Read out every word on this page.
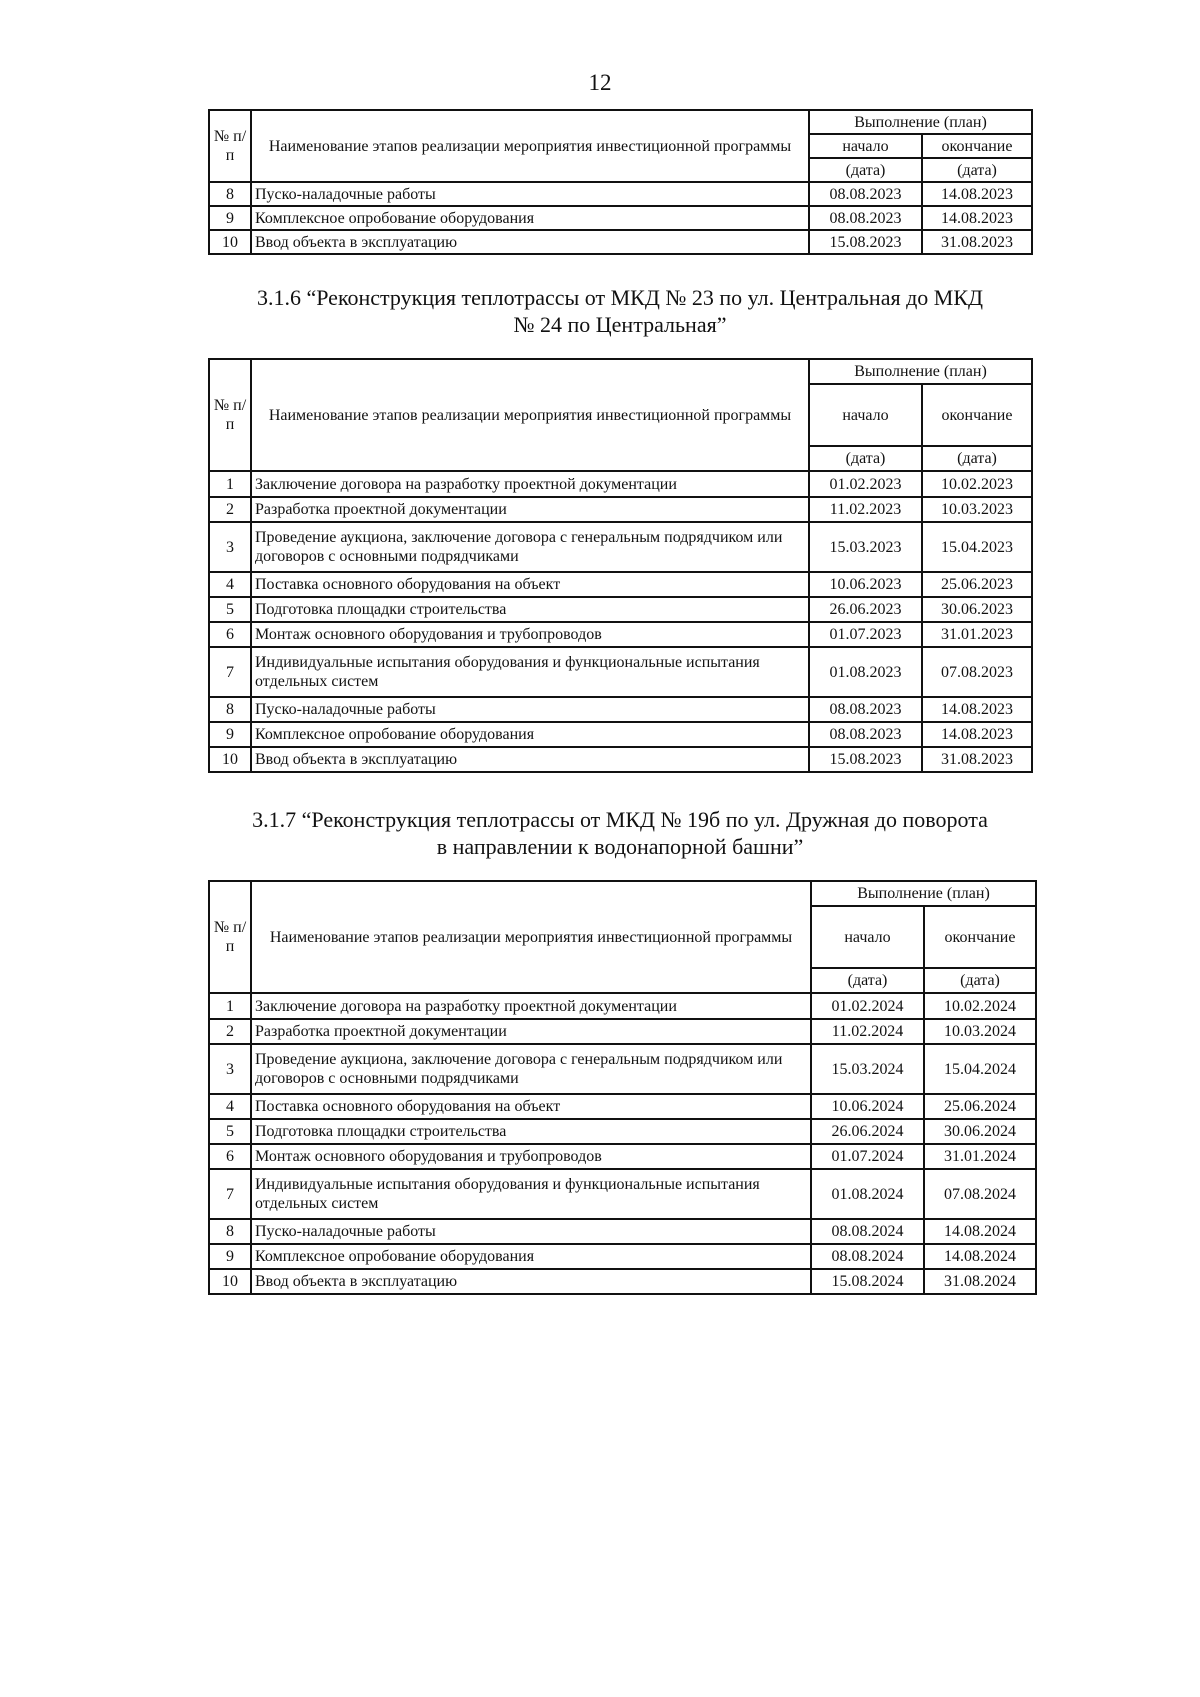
12
№ п/п	Наименование этапов реализации мероприятия инвестиционной программы	Выполнение (план)	
		начало	окончание
		(дата)	(дата)
8	Пуско-наладочные работы	08.08.2023	14.08.2023
9	Комплексное опробование оборудования	08.08.2023	14.08.2023
10	Ввод объекта в эксплуатацию	15.08.2023	31.08.2023
3.1.6 “Реконструкция теплотрассы от МКД № 23 по ул. Центральная до МКД
№ 24 по Центральная”
№ п/п	Наименование этапов реализации мероприятия инвестиционной программы	Выполнение (план)	
		начало	окончание
		(дата)	(дата)
1	Заключение договора на разработку проектной документации	01.02.2023	10.02.2023
2	Разработка проектной документации	11.02.2023	10.03.2023
3	Проведение аукциона, заключение договора с генеральным подрядчиком или договоров с основными подрядчиками	15.03.2023	15.04.2023
4	Поставка основного оборудования на объект	10.06.2023	25.06.2023
5	Подготовка площадки строительства	26.06.2023	30.06.2023
6	Монтаж основного оборудования и трубопроводов	01.07.2023	31.01.2023
7	Индивидуальные испытания оборудования и функциональные испытания отдельных систем	01.08.2023	07.08.2023
8	Пуско-наладочные работы	08.08.2023	14.08.2023
9	Комплексное опробование оборудования	08.08.2023	14.08.2023
10	Ввод объекта в эксплуатацию	15.08.2023	31.08.2023
3.1.7 “Реконструкция теплотрассы от МКД № 19б по ул. Дружная до поворота
в направлении к водонапорной башни”
№ п/п	Наименование этапов реализации мероприятия инвестиционной программы	Выполнение (план)	
		начало	окончание
		(дата)	(дата)
1	Заключение договора на разработку проектной документации	01.02.2024	10.02.2024
2	Разработка проектной документации	11.02.2024	10.03.2024
3	Проведение аукциона, заключение договора с генеральным подрядчиком или договоров с основными подрядчиками	15.03.2024	15.04.2024
4	Поставка основного оборудования на объект	10.06.2024	25.06.2024
5	Подготовка площадки строительства	26.06.2024	30.06.2024
6	Монтаж основного оборудования и трубопроводов	01.07.2024	31.01.2024
7	Индивидуальные испытания оборудования и функциональные испытания отдельных систем	01.08.2024	07.08.2024
8	Пуско-наладочные работы	08.08.2024	14.08.2024
9	Комплексное опробование оборудования	08.08.2024	14.08.2024
10	Ввод объекта в эксплуатацию	15.08.2024	31.08.2024
